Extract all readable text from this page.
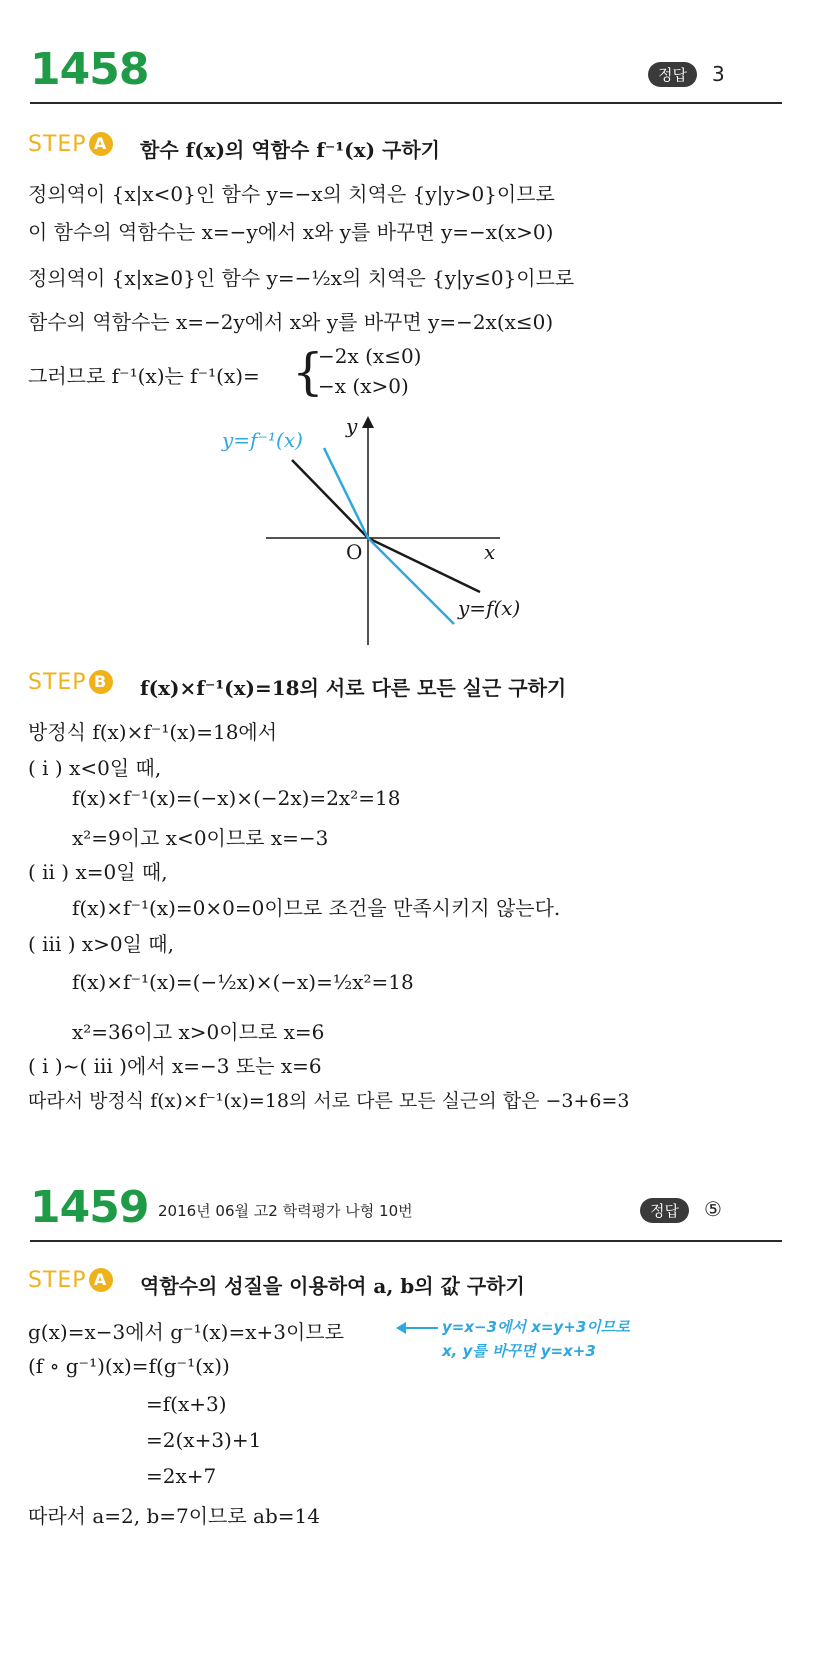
1458	정답	3
STEP A 함수 f(x)의 역함수 f⁻¹(x) 구하기
정의역이 {x|x<0}인 함수 y=−x의 치역은 {y|y>0}이므로
이 함수의 역함수는 x=−y에서 x와 y를 바꾸면 y=−x(x>0)
정의역이 {x|x≥0}인 함수 y=−½x의 치역은 {y|y≤0}이므로
함수의 역함수는 x=−2y에서 x와 y를 바꾸면 y=−2x(x≤0)
그러므로 f⁻¹(x)는 f⁻¹(x)= {
−2x (x≤0)
−x (x>0)
y=f⁻¹(x)
y
x
O
y=f(x)
STEP B f(x)×f⁻¹(x)=18의 서로 다른 모든 실근 구하기
방정식 f(x)×f⁻¹(x)=18에서
( i ) x<0일 때,
f(x)×f⁻¹(x)=(−x)×(−2x)=2x²=18
x²=9이고 x<0이므로 x=−3
( ii ) x=0일 때,
f(x)×f⁻¹(x)=0×0=0이므로 조건을 만족시키지 않는다.
( iii ) x>0일 때,
f(x)×f⁻¹(x)=(−½x)×(−x)=½x²=18
x²=36이고 x>0이므로 x=6
( i )~( iii )에서 x=−3 또는 x=6
따라서 방정식 f(x)×f⁻¹(x)=18의 서로 다른 모든 실근의 합은 −3+6=3
1459 2016년 06월 고2 학력평가 나형 10번	정답	⑤
STEP A 역함수의 성질을 이용하여 a, b의 값 구하기
g(x)=x−3에서 g⁻¹(x)=x+3이므로
(f ∘ g⁻¹)(x)=f(g⁻¹(x))
=f(x+3)
=2(x+3)+1
=2x+7
따라서 a=2, b=7이므로 ab=14
y=x−3에서 x=y+3이므로
x, y를 바꾸면 y=x+3
